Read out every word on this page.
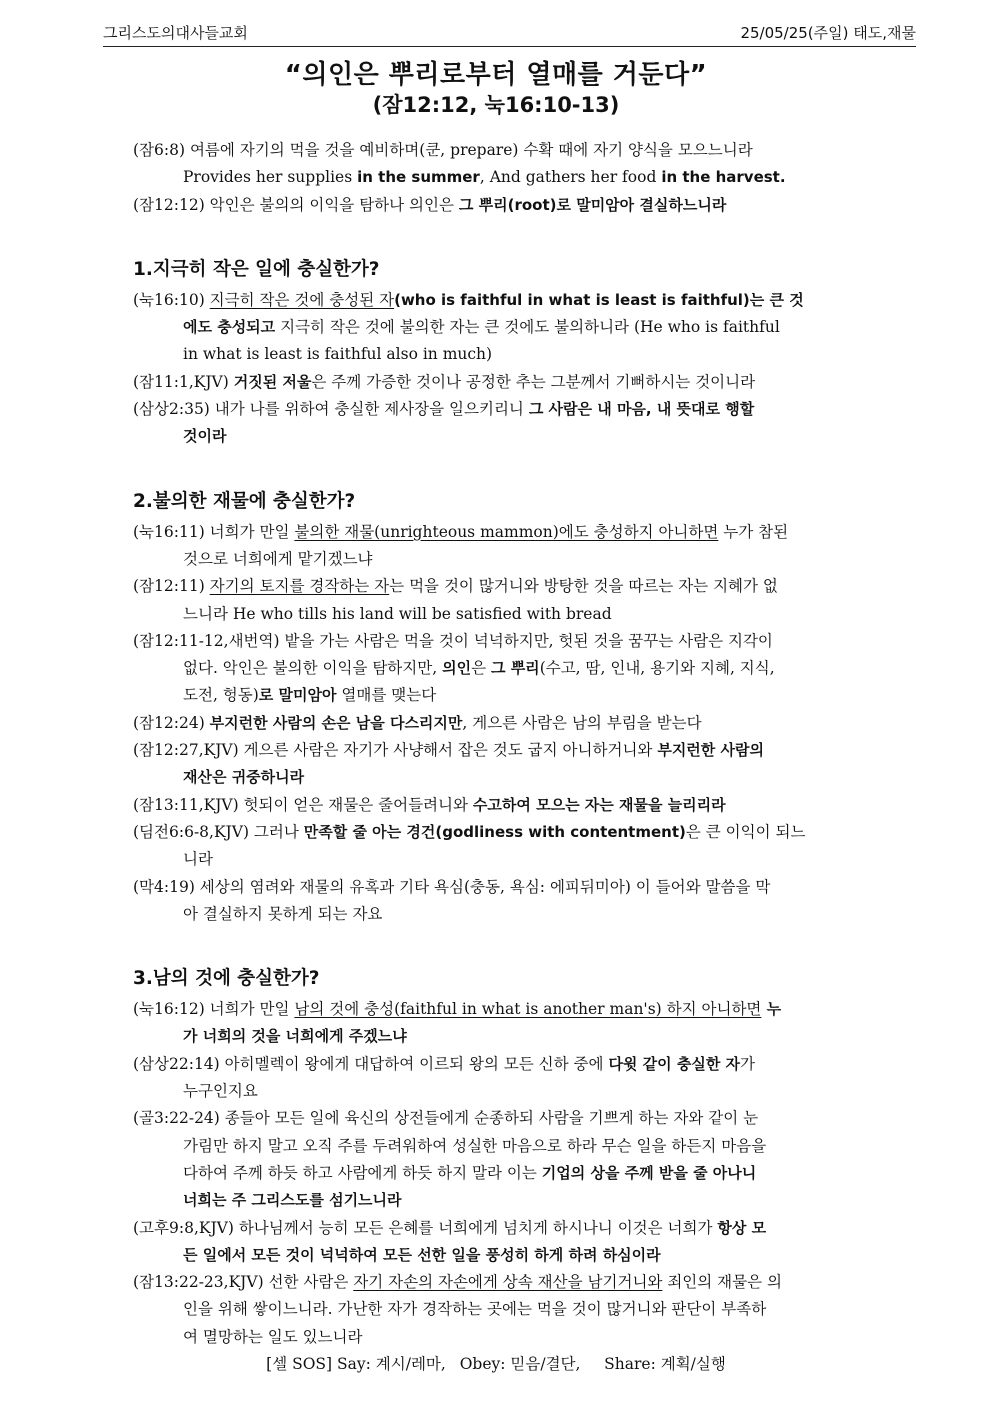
그리스도의대사들교회	25/05/25(주일) 태도,재물
“의인은 뿌리로부터 열매를 거둔다”
(잠12:12, 눅16:10-13)
(잠6:8) 여름에 자기의 먹을 것을 예비하며(쿤, prepare) 수확 때에 자기 양식을 모으느니라
Provides her supplies in the summer, And gathers her food in the harvest.
(잠12:12) 악인은 불의의 이익을 탐하나 의인은 그 뿌리(root)로 말미암아 결실하느니라
1.지극히 작은 일에 충실한가?
(눅16:10) 지극히 작은 것에 충성된 자(who is faithful in what is least is faithful)는 큰 것
에도 충성되고 지극히 작은 것에 불의한 자는 큰 것에도 불의하니라 (He who is faithful
in what is least is faithful also in much)
(잠11:1,KJV) 거짓된 저울은 주께 가증한 것이나 공정한 추는 그분께서 기뻐하시는 것이니라
(삼상2:35) 내가 나를 위하여 충실한 제사장을 일으키리니 그 사람은 내 마음, 내 뜻대로 행할
것이라
2.불의한 재물에 충실한가?
(눅16:11) 너희가 만일 불의한 재물(unrighteous mammon)에도 충성하지 아니하면 누가 참된
것으로 너희에게 맡기겠느냐
(잠12:11) 자기의 토지를 경작하는 자는 먹을 것이 많거니와 방탕한 것을 따르는 자는 지혜가 없
느니라 He who tills his land will be satisfied with bread
(잠12:11-12,새번역) 밭을 가는 사람은 먹을 것이 넉넉하지만, 헛된 것을 꿈꾸는 사람은 지각이
없다. 악인은 불의한 이익을 탐하지만, 의인은 그 뿌리(수고, 땀, 인내, 용기와 지혜, 지식,
도전, 헝동)로 말미암아 열매를 맺는다
(잠12:24) 부지런한 사람의 손은 남을 다스리지만, 게으른 사람은 남의 부림을 받는다
(잠12:27,KJV) 게으른 사람은 자기가 사냥해서 잡은 것도 굽지 아니하거니와 부지런한 사람의
재산은 귀중하니라
(잠13:11,KJV) 헛되이 얻은 재물은 줄어들려니와 수고하여 모으는 자는 재물을 늘리리라
(딤전6:6-8,KJV) 그러나 만족할 줄 아는 경건(godliness with contentment)은 큰 이익이 되느
니라
(막4:19) 세상의 염려와 재물의 유혹과 기타 욕심(충동, 욕심: 에피뒤미아) 이 들어와 말씀을 막
아 결실하지 못하게 되는 자요
3.남의 것에 충실한가?
(눅16:12) 너희가 만일 남의 것에 충성(faithful in what is another man's) 하지 아니하면 누
가 너희의 것을 너희에게 주겠느냐
(삼상22:14) 아히멜렉이 왕에게 대답하여 이르되 왕의 모든 신하 중에 다윗 같이 충실한 자가
누구인지요
(골3:22-24) 종들아 모든 일에 육신의 상전들에게 순종하되 사람을 기쁘게 하는 자와 같이 눈
가림만 하지 말고 오직 주를 두려워하여 성실한 마음으로 하라 무슨 일을 하든지 마음을
다하여 주께 하듯 하고 사람에게 하듯 하지 말라 이는 기업의 상을 주께 받을 줄 아나니
너희는 주 그리스도를 섬기느니라
(고후9:8,KJV) 하나님께서 능히 모든 은혜를 너희에게 넘치게 하시나니 이것은 너희가 항상 모
든 일에서 모든 것이 넉넉하여 모든 선한 일을 풍성히 하게 하려 하심이라
(잠13:22-23,KJV) 선한 사람은 자기 자손의 자손에게 상속 재산을 남기거니와 죄인의 재물은 의
인을 위해 쌓이느니라. 가난한 자가 경작하는 곳에는 먹을 것이 많거니와 판단이 부족하
여 멸망하는 일도 있느니라
[셀 SOS] Say: 계시/레마, Obey: 믿음/결단, Share: 계획/실행
